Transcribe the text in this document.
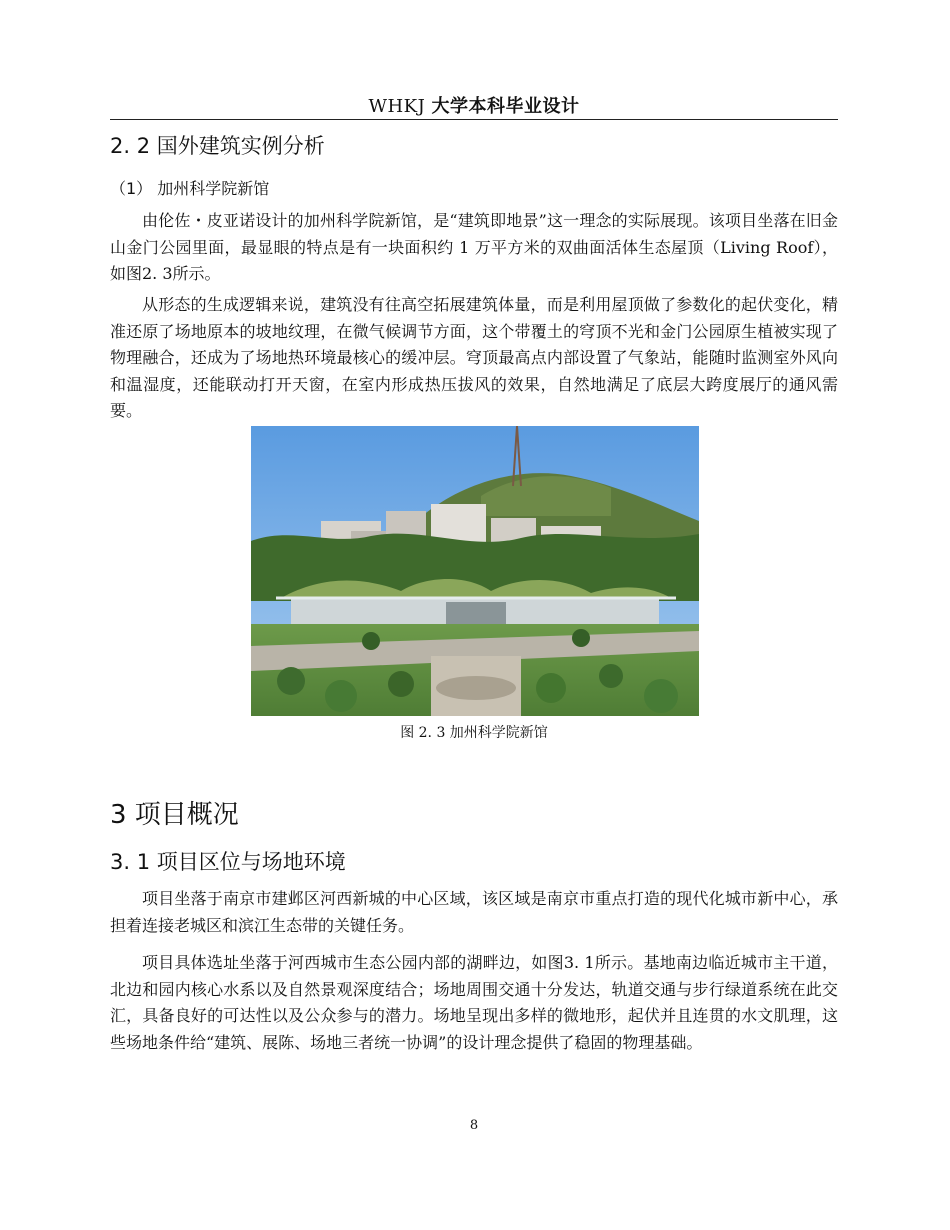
WHKJ 大学本科毕业设计
2. 2 国外建筑实例分析
（1） 加州科学院新馆

由伦佐・皮亚诺设计的加州科学院新馆，是“建筑即地景”这一理念的实际展现。该项目坐落在旧金山金门公园里面，最显眼的特点是有一块面积约 1 万平方米的双曲面活体生态屋顶（Living Roof），如图2. 3所示。

从形态的生成逻辑来说，建筑没有往高空拓展建筑体量，而是利用屋顶做了参数化的起伏变化，精准还原了场地原本的坡地纹理，在微气候调节方面，这个带覆土的穹顶不光和金门公园原生植被实现了物理融合，还成为了场地热环境最核心的缓冲层。穹顶最高点内部设置了气象站，能随时监测室外风向和温湿度，还能联动打开天窗，在室内形成热压拔风的效果，自然地满足了底层大跨度展厅的通风需要。

图 2. 3 加州科学院新馆
3 项目概况
3. 1 项目区位与场地环境

项目坐落于南京市建邺区河西新城的中心区域，该区域是南京市重点打造的现代化城市新中心，承担着连接老城区和滨江生态带的关键任务。

项目具体选址坐落于河西城市生态公园内部的湖畔边，如图3. 1所示。基地南边临近城市主干道，北边和园内核心水系以及自然景观深度结合；场地周围交通十分发达，轨道交通与步行绿道系统在此交汇，具备良好的可达性以及公众参与的潜力。场地呈现出多样的微地形，起伏并且连贯的水文肌理，这些场地条件给“建筑、展陈、场地三者统一协调”的设计理念提供了稳固的物理基础。

8
